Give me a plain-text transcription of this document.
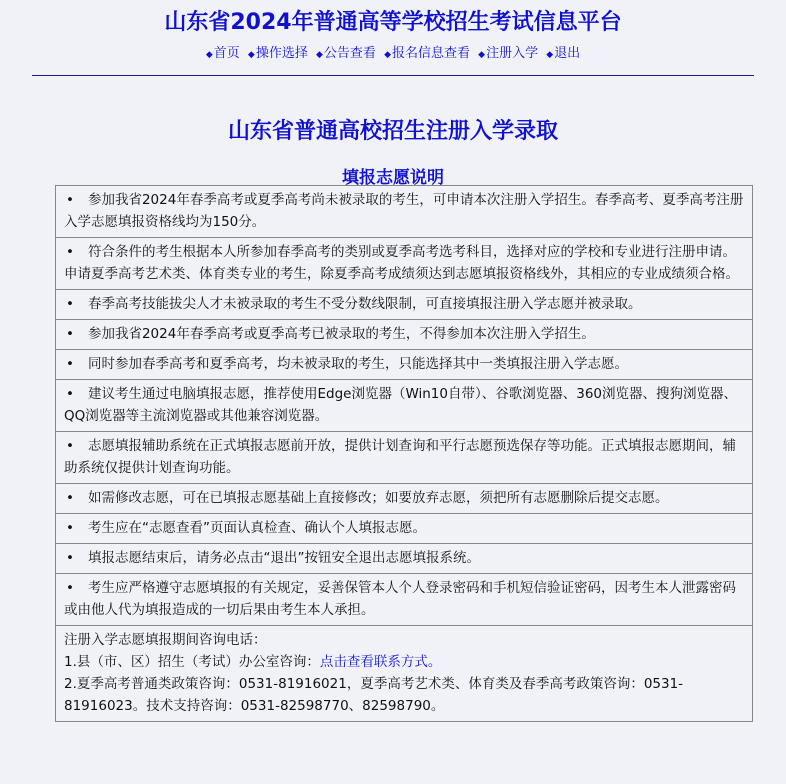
山东省2024年普通高等学校招生考试信息平台
◆ 首页 ◆ 操作选择 ◆ 公告查看 ◆ 报名信息查看 ◆ 注册入学 ◆ 退出
山东省普通高校招生注册入学录取
填报志愿说明
• 参加我省2024年春季高考或夏季高考尚未被录取的考生，可申请本次注册入学招生。春季高考、夏季高考注册入学志愿填报资格线均为150分。
• 符合条件的考生根据本人所参加春季高考的类别或夏季高考选考科目，选择对应的学校和专业进行注册申请。申请夏季高考艺术类、体育类专业的考生，除夏季高考成绩须达到志愿填报资格线外，其相应的专业成绩须合格。
• 春季高考技能拔尖人才未被录取的考生不受分数线限制，可直接填报注册入学志愿并被录取。
• 参加我省2024年春季高考或夏季高考已被录取的考生，不得参加本次注册入学招生。
• 同时参加春季高考和夏季高考，均未被录取的考生，只能选择其中一类填报注册入学志愿。
• 建议考生通过电脑填报志愿，推荐使用Edge浏览器（Win10自带）、谷歌浏览器、360浏览器、搜狗浏览器、QQ浏览器等主流浏览器或其他兼容浏览器。
• 志愿填报辅助系统在正式填报志愿前开放，提供计划查询和平行志愿预选保存等功能。正式填报志愿期间，辅助系统仅提供计划查询功能。
• 如需修改志愿，可在已填报志愿基础上直接修改；如要放弃志愿，须把所有志愿删除后提交志愿。
• 考生应在“志愿查看”页面认真检查、确认个人填报志愿。
• 填报志愿结束后，请务必点击“退出”按钮安全退出志愿填报系统。
• 考生应严格遵守志愿填报的有关规定，妥善保管本人个人登录密码和手机短信验证密码，因考生本人泄露密码或由他人代为填报造成的一切后果由考生本人承担。

注册入学志愿填报期间咨询电话：
1.县（市、区）招生（考试）办公室咨询：点击查看联系方式。
2.夏季高考普通类政策咨询：0531-81916021，夏季高考艺术类、体育类及春季高考政策咨询：0531-81916023。技术支持咨询：0531-82598770、82598790。
